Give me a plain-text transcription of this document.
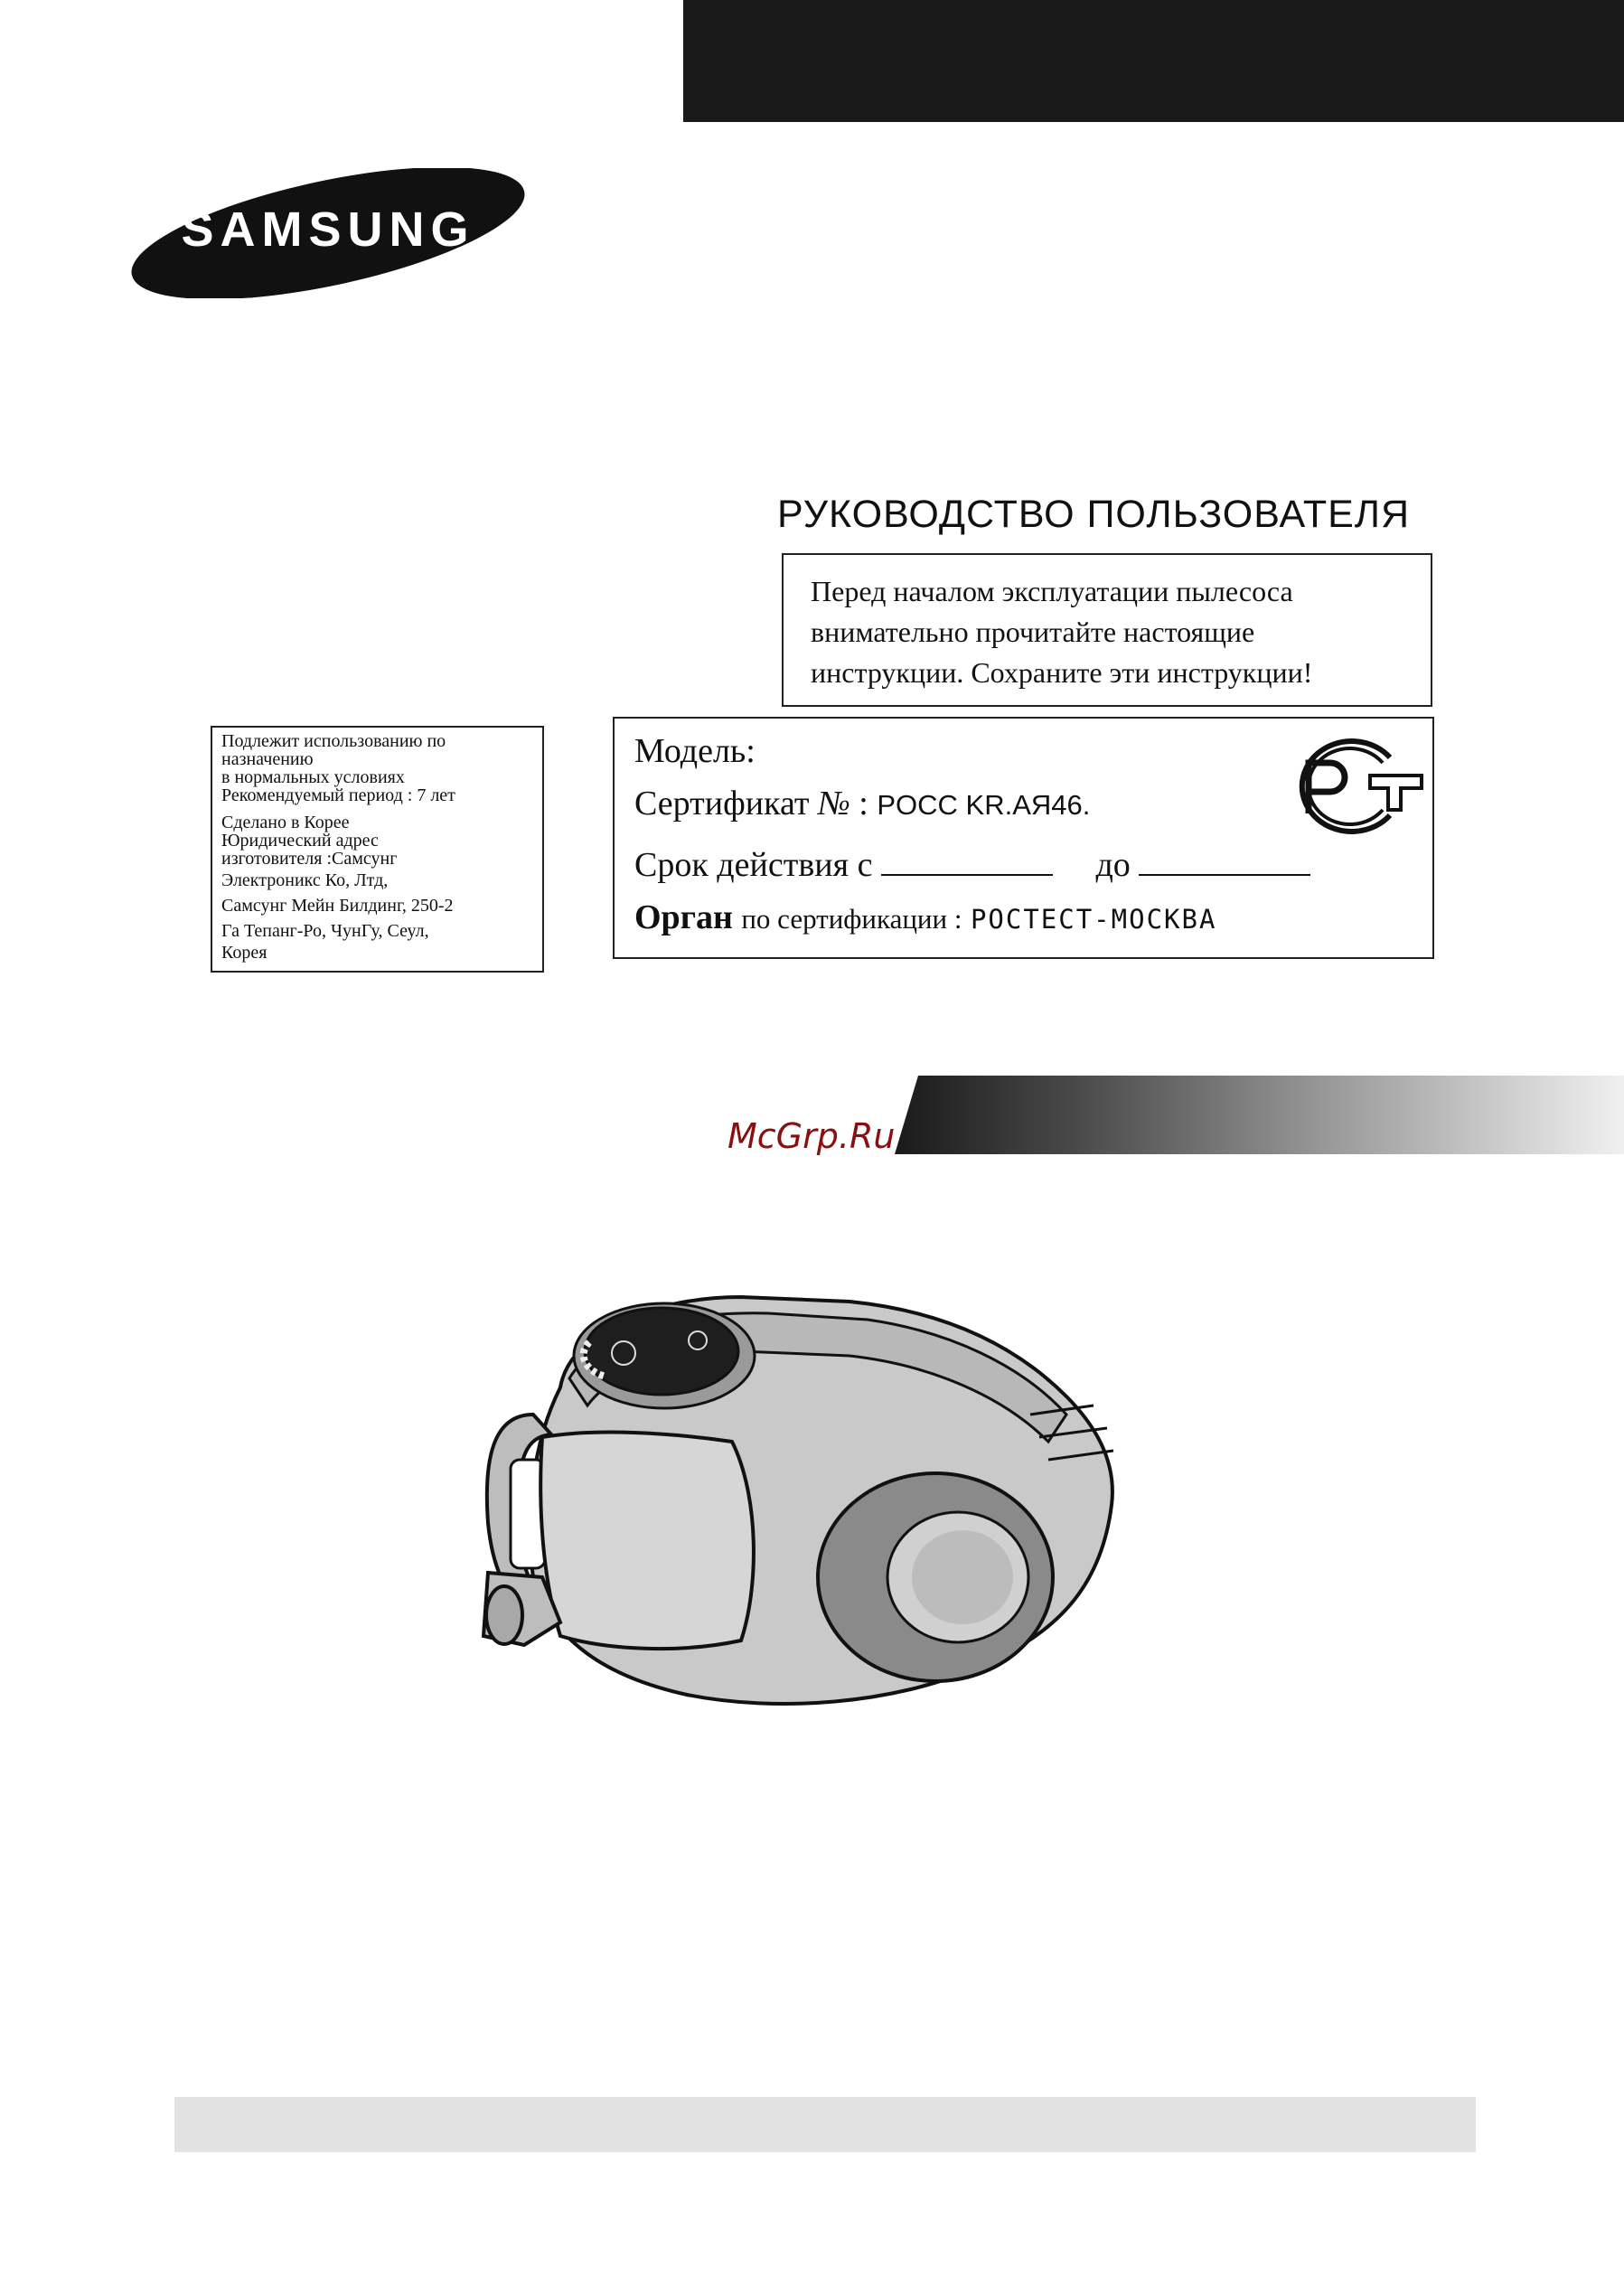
SAMSUNG
РУКОВОДСТВО ПОЛЬЗОВАТЕЛЯ
Перед началом эксплуатации пылесоса
внимательно прочитайте настоящие
инструкции. Сохраните эти инструкции!
Подлежит использованию по
назначению
в нормальных условиях
Рекомендуемый период : 7 лет
Сделано в Корее
Юридический адрес
изготовителя :Самсунг
Электроникс Ко, Лтд,
Самсунг Мейн Билдинг, 250-2
Га Тепанг-Ро, ЧунГу, Сеул,
Корея
Модель:
Сертификат № : POCC KR.AЯ46.
Срок действия с	до
Орган по сертификации : РОСТЕСТ-МОСКВА
McGrp.Ru
